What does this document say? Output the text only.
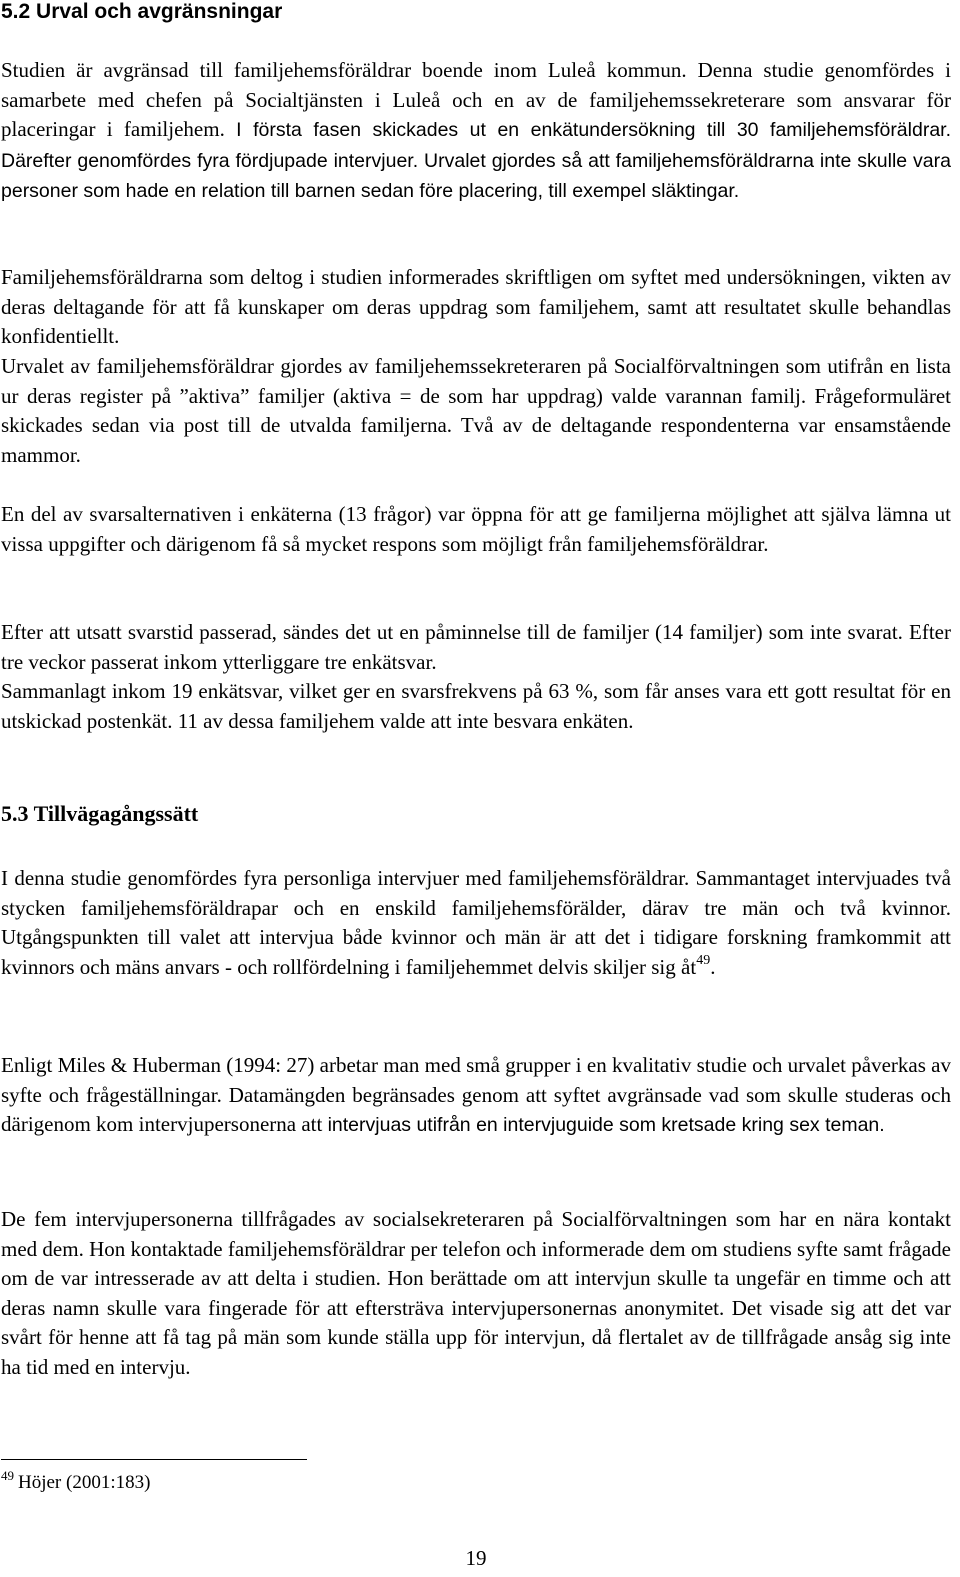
5.2 Urval och avgränsningar

Studien är avgränsad till familjehemsföräldrar boende inom Luleå kommun. Denna studie genomfördes i samarbete med chefen på Socialtjänsten i Luleå och en av de familjehemssekreterare som ansvarar för placeringar i familjehem. I första fasen skickades ut en enkätundersökning till 30 familjehemsföräldrar. Därefter genomfördes fyra fördjupade intervjuer. Urvalet gjordes så att familjehemsföräldrarna inte skulle vara personer som hade en relation till barnen sedan före placering, till exempel släktingar.

Familjehemsföräldrarna som deltog i studien informerades skriftligen om syftet med undersökningen, vikten av deras deltagande för att få kunskaper om deras uppdrag som familjehem, samt att resultatet skulle behandlas konfidentiellt.

Urvalet av familjehemsföräldrar gjordes av familjehemssekreteraren på Socialförvaltningen som utifrån en lista ur deras register på ”aktiva” familjer (aktiva = de som har uppdrag) valde varannan familj. Frågeformuläret skickades sedan via post till de utvalda familjerna. Två av de deltagande respondenterna var ensamstående mammor.

En del av svarsalternativen i enkäterna (13 frågor) var öppna för att ge familjerna möjlighet att själva lämna ut vissa uppgifter och därigenom få så mycket respons som möjligt från familjehemsföräldrar.

Efter att utsatt svarstid passerad, sändes det ut en påminnelse till de familjer (14 familjer) som inte svarat. Efter tre veckor passerat inkom ytterliggare tre enkätsvar.

Sammanlagt inkom 19 enkätsvar, vilket ger en svarsfrekvens på 63 %, som får anses vara ett gott resultat för en utskickad postenkät. 11 av dessa familjehem valde att inte besvara enkäten.

5.3 Tillvägagångssätt

I denna studie genomfördes fyra personliga intervjuer med familjehemsföräldrar. Sammantaget intervjuades två stycken familjehemsföräldrapar och en enskild familjehemsförälder, därav tre män och två kvinnor. Utgångspunkten till valet att intervjua både kvinnor och män är att det i tidigare forskning framkommit att kvinnors och mäns anvars - och rollfördelning i familjehemmet delvis skiljer sig $åt^{49}$.

Enligt Miles & Huberman (1994: 27) arbetar man med små grupper i en kvalitativ studie och urvalet påverkas av syfte och frågeställningar. Datamängden begränsades genom att syftet avgränsade vad som skulle studeras och därigenom kom intervjupersonerna att intervjuas utifrån en intervjuguide som kretsade kring sex teman.

De fem intervjupersonerna tillfrågades av socialsekreteraren på Socialförvaltningen som har en nära kontakt med dem. Hon kontaktade familjehemsföräldrar per telefon och informerade dem om studiens syfte samt frågade om de var intresserade av att delta i studien. Hon berättade om att intervjun skulle ta ungefär en timme och att deras namn skulle vara fingerade för att eftersträva intervjupersonernas anonymitet. Det visade sig att det var svårt för henne att få tag på män som kunde ställa upp för intervjun, då flertalet av de tillfrågade ansåg sig inte ha tid med en intervju.

$^{49}$ Höjer (2001:183)

19
